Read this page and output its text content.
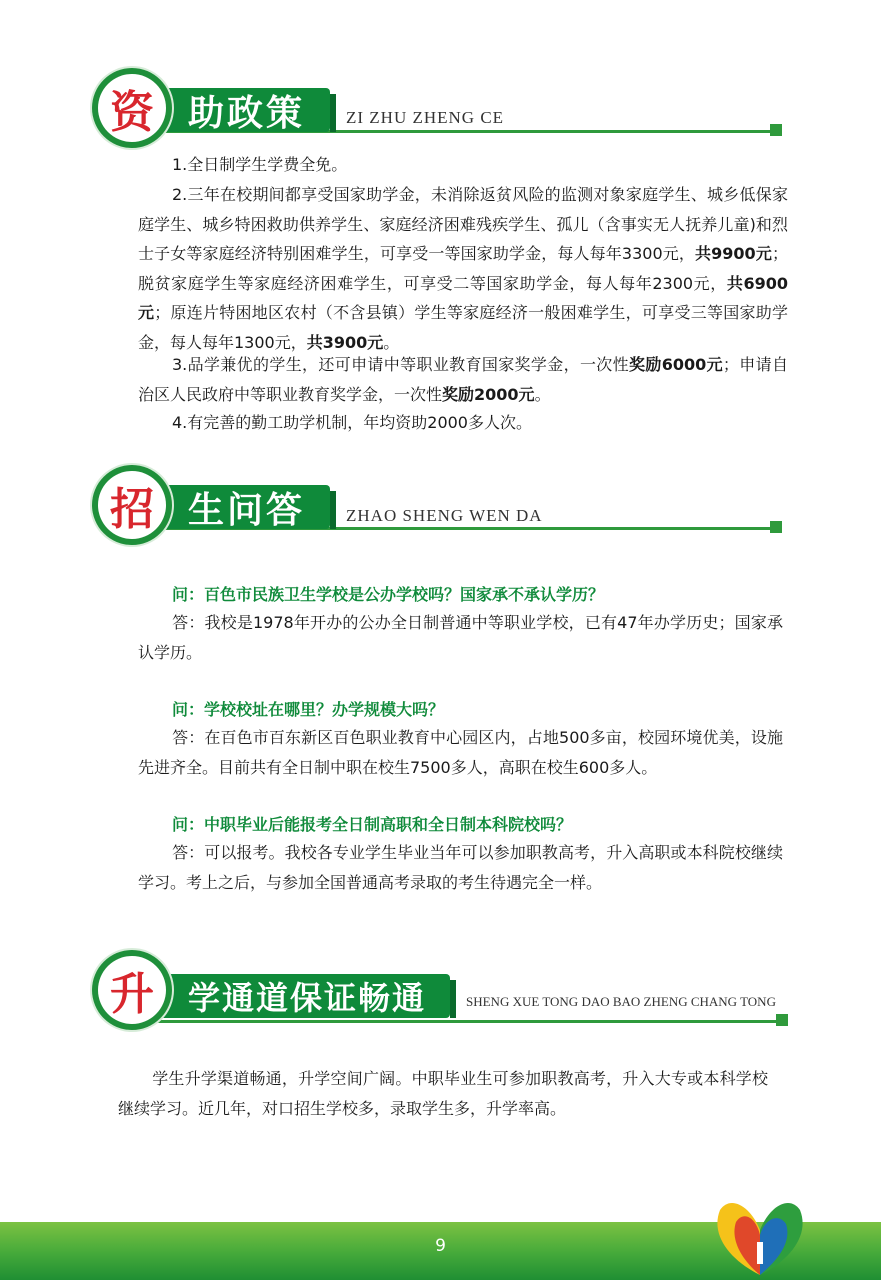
助政策 ZI ZHU ZHENG CE
资

1.全日制学生学费全免。

2.三年在校期间都享受国家助学金，未消除返贫风险的监测对象家庭学生、城乡低保家庭学生、城乡特困救助供养学生、家庭经济困难残疾学生、孤儿（含事实无人抚养儿童)和烈士子女等家庭经济特别困难学生，可享受一等国家助学金，每人每年3300元，共9900元；脱贫家庭学生等家庭经济困难学生，可享受二等国家助学金，每人每年2300元，共6900元；原连片特困地区农村（不含县镇）学生等家庭经济一般困难学生，可享受三等国家助学金，每人每年1300元，共3900元。

3.品学兼优的学生，还可申请中等职业教育国家奖学金，一次性奖励6000元；申请自治区人民政府中等职业教育奖学金，一次性奖励2000元。

4.有完善的勤工助学机制，年均资助2000多人次。

生问答 ZHAO SHENG WEN DA
招

问：百色市民族卫生学校是公办学校吗？国家承不承认学历？

答：我校是1978年开办的公办全日制普通中等职业学校，已有47年办学历史；国家承认学历。

问：学校校址在哪里？办学规模大吗？

答：在百色市百东新区百色职业教育中心园区内，占地500多亩，校园环境优美，设施先进齐全。目前共有全日制中职在校生7500多人，高职在校生600多人。

问：中职毕业后能报考全日制高职和全日制本科院校吗？

答：可以报考。我校各专业学生毕业当年可以参加职教高考，升入高职或本科院校继续学习。考上之后，与参加全国普通高考录取的考生待遇完全一样。

学通道保证畅通	SHENG XUE TONG DAO BAO ZHENG CHANG TONG
升

学生升学渠道畅通，升学空间广阔。中职毕业生可参加职教高考，升入大专或本科学校继续学习。近几年，对口招生学校多，录取学生多，升学率高。

9
